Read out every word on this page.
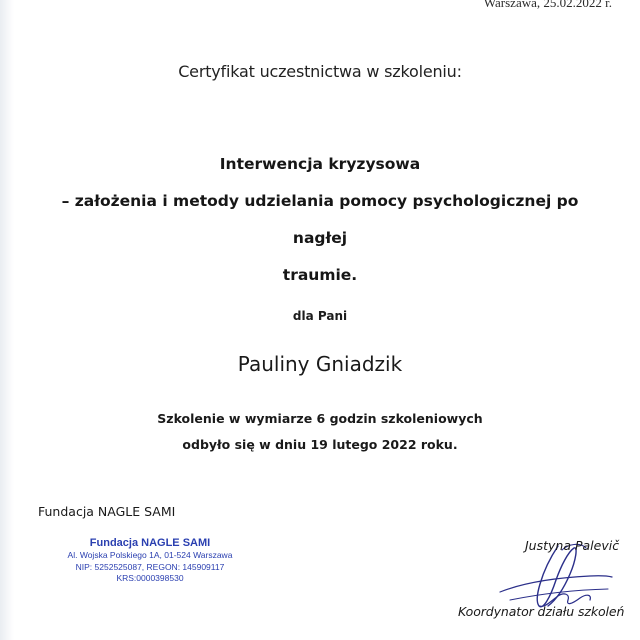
Warszawa, 25.02.2022 r.
Certyfikat uczestnictwa w szkoleniu:
Interwencja kryzysowa
– założenia i metody udzielania pomocy psychologicznej po nagłej
traumie.
dla Pani
Pauliny Gniadzik
Szkolenie w wymiarze 6 godzin szkoleniowych
odbyło się w dniu 19 lutego 2022 roku.
Fundacja NAGLE SAMI
Fundacja NAGLE SAMI
Al. Wojska Polskiego 1A, 01-524 Warszawa
NIP: 5252525087, REGON: 145909117
KRS:0000398530
Justyna Palevič
Koordynator działu szkoleń
